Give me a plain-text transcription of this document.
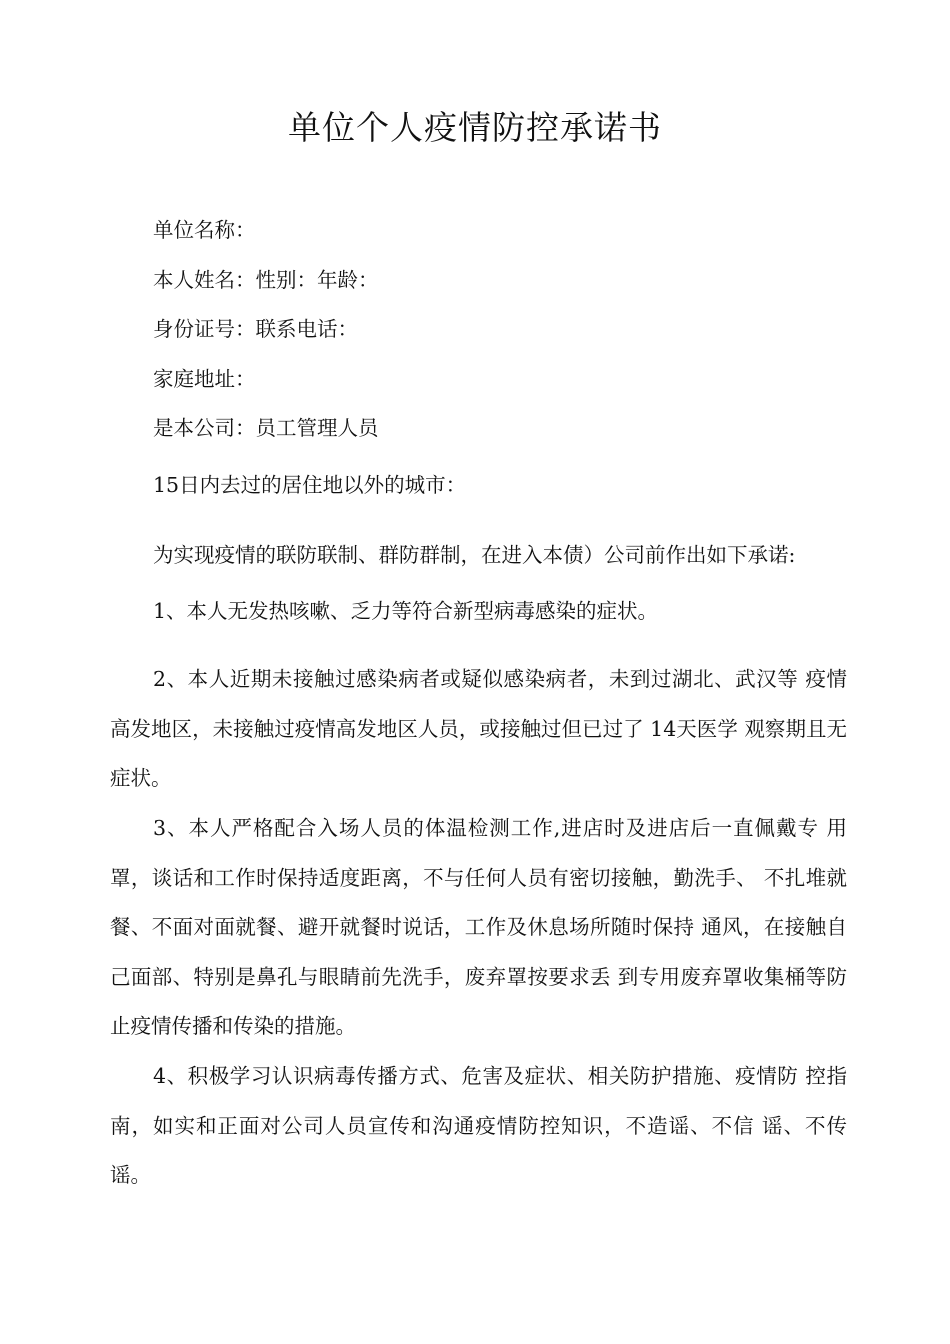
单位个人疫情防控承诺书

单位名称：

本人姓名：性别：年龄：

身份证号：联系电话：

家庭地址：

是本公司：员工管理人员

15日内去过的居住地以外的城市：

为实现疫情的联防联制、群防群制，在进入本债）公司前作出如下承诺:

1、本人无发热咳嗽、乏力等符合新型病毒感染的症状。

2、本人近期未接触过感染病者或疑似感染病者，未到过湖北、武汉等 疫情高发地区，未接触过疫情高发地区人员，或接触过但已过了 14天医学 观察期且无症状。

3、本人严格配合入场人员的体温检测工作,进店时及进店后一直佩戴专 用罩，谈话和工作时保持适度距离，不与任何人员有密切接触，勤洗手、 不扎堆就餐、不面对面就餐、避开就餐时说话，工作及休息场所随时保持 通风，在接触自己面部、特别是鼻孔与眼睛前先洗手，废弃罩按要求丢 到专用废弃罩收集桶等防止疫情传播和传染的措施。

4、积极学习认识病毒传播方式、危害及症状、相关防护措施、疫情防 控指南，如实和正面对公司人员宣传和沟通疫情防控知识，不造谣、不信 谣、不传谣。
